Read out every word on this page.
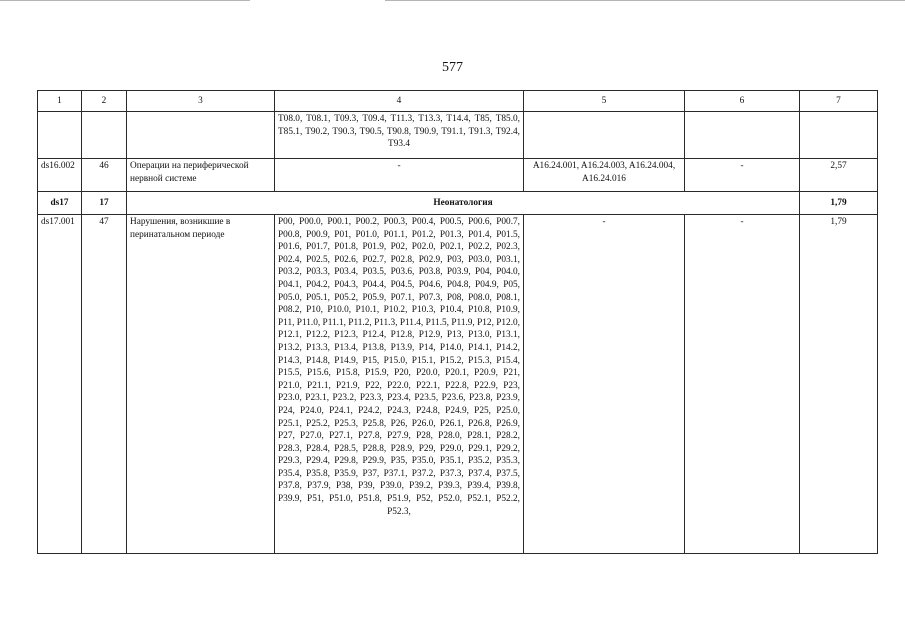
577
1	2	3	4	5	6	7
			T08.0, T08.1, T09.3, T09.4, T11.3, T13.3, T14.4, T85, T85.0, T85.1, T90.2, T90.3, T90.5, T90.8, T90.9, T91.1, T91.3, T92.4, T93.4			
ds16.002	46	Операции на периферической нервной системе	-	A16.24.001, A16.24.003, A16.24.004, A16.24.016	-	2,57
ds17	17	Неонатология				1,79
ds17.001	47	Нарушения, возникшие в перинатальном периоде	P00, P00.0, P00.1, P00.2, P00.3, P00.4, P00.5, P00.6, P00.7, P00.8, P00.9, P01, P01.0, P01.1, P01.2, P01.3, P01.4, P01.5, P01.6, P01.7, P01.8, P01.9, P02, P02.0, P02.1, P02.2, P02.3, P02.4, P02.5, P02.6, P02.7, P02.8, P02.9, P03, P03.0, P03.1, P03.2, P03.3, P03.4, P03.5, P03.6, P03.8, P03.9, P04, P04.0, P04.1, P04.2, P04.3, P04.4, P04.5, P04.6, P04.8, P04.9, P05, P05.0, P05.1, P05.2, P05.9, P07.1, P07.3, P08, P08.0, P08.1, P08.2, P10, P10.0, P10.1, P10.2, P10.3, P10.4, P10.8, P10.9, P11, P11.0, P11.1, P11.2, P11.3, P11.4, P11.5, P11.9, P12, P12.0, P12.1, P12.2, P12.3, P12.4, P12.8, P12.9, P13, P13.0, P13.1, P13.2, P13.3, P13.4, P13.8, P13.9, P14, P14.0, P14.1, P14.2, P14.3, P14.8, P14.9, P15, P15.0, P15.1, P15.2, P15.3, P15.4, P15.5, P15.6, P15.8, P15.9, P20, P20.0, P20.1, P20.9, P21, P21.0, P21.1, P21.9, P22, P22.0, P22.1, P22.8, P22.9, P23, P23.0, P23.1, P23.2, P23.3, P23.4, P23.5, P23.6, P23.8, P23.9, P24, P24.0, P24.1, P24.2, P24.3, P24.8, P24.9, P25, P25.0, P25.1, P25.2, P25.3, P25.8, P26, P26.0, P26.1, P26.8, P26.9, P27, P27.0, P27.1, P27.8, P27.9, P28, P28.0, P28.1, P28.2, P28.3, P28.4, P28.5, P28.8, P28.9, P29, P29.0, P29.1, P29.2, P29.3, P29.4, P29.8, P29.9, P35, P35.0, P35.1, P35.2, P35.3, P35.4, P35.8, P35.9, P37, P37.1, P37.2, P37.3, P37.4, P37.5, P37.8, P37.9, P38, P39, P39.0, P39.2, P39.3, P39.4, P39.8, P39.9, P51, P51.0, P51.8, P51.9, P52, P52.0, P52.1, P52.2, P52.3,	-	-	1,79
